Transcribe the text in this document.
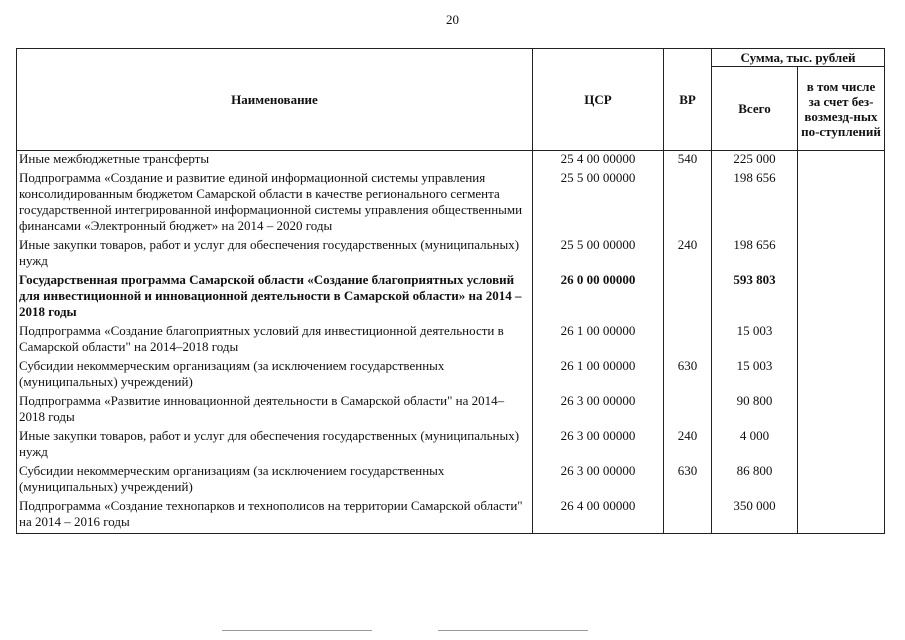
20
Наименование	ЦСР	ВР	Сумма, тыс. рублей	
			Всего	в том числе за счет без-возмезд-ных по-ступлений
Иные межбюджетные трансферты	25 4 00 00000	540	225 000	
Подпрограмма «Создание и развитие единой информационной системы управления консолидированным бюджетом Самарской области в качестве регионального сегмента государственной интегрированной информационной системы управления общественными финансами «Электронный бюджет» на 2014 – 2020 годы	25 5 00 00000		198 656	
Иные закупки товаров, работ и услуг для обеспечения государственных (муниципальных) нужд	25 5 00 00000	240	198 656	
Государственная программа Самарской области «Создание благоприятных условий для инвестиционной и инновационной деятельности в Самарской области» на 2014 – 2018 годы	26 0 00 00000		593 803	
Подпрограмма «Создание благоприятных условий для инвестиционной деятельности в Самарской области" на 2014–2018 годы	26 1 00 00000		15 003	
Субсидии некоммерческим организациям (за исключением государственных (муниципальных) учреждений)	26 1 00 00000	630	15 003	
Подпрограмма «Развитие инновационной деятельности в Самарской области" на 2014–2018 годы	26 3 00 00000		90 800	
Иные закупки товаров, работ и услуг для обеспечения государственных (муниципальных) нужд	26 3 00 00000	240	4 000	
Субсидии некоммерческим организациям (за исключением государственных (муниципальных) учреждений)	26 3 00 00000	630	86 800	
Подпрограмма «Создание технопарков и технополисов на территории Самарской области" на 2014 – 2016 годы	26 4 00 00000		350 000	
